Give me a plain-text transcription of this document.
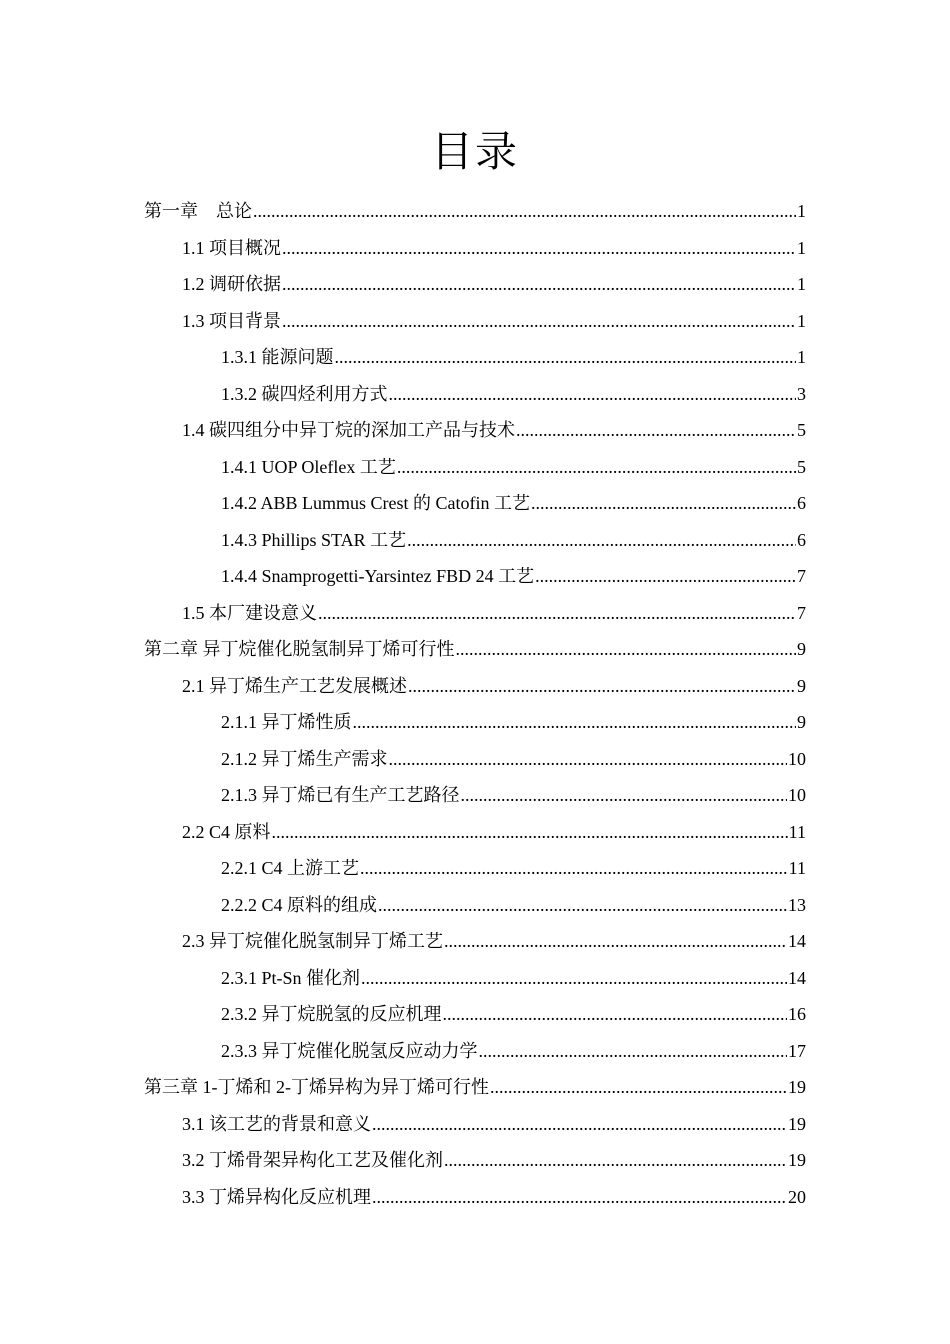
目录
第一章　总论 .....	1
1.1 项目概况 .....	1
1.2 调研依据 .....	1
1.3 项目背景 .....	1
1.3.1 能源问题 .....	1
1.3.2 碳四烃利用方式 .....	3
1.4 碳四组分中异丁烷的深加工产品与技术 .....	5
1.4.1 UOP Oleflex 工艺 .....	5
1.4.2 ABB Lummus Crest 的 Catofin 工艺 .....	6
1.4.3 Phillips STAR 工艺 .....	6
1.4.4 Snamprogetti-Yarsintez FBD 24 工艺 .....	7
1.5 本厂建设意义 .....	7
第二章 异丁烷催化脱氢制异丁烯可行性 .....	9
2.1 异丁烯生产工艺发展概述 .....	9
2.1.1 异丁烯性质 .....	9
2.1.2 异丁烯生产需求 .....	10
2.1.3 异丁烯已有生产工艺路径 .....	10
2.2 C4 原料 .....	11
2.2.1 C4 上游工艺 .....	11
2.2.2 C4 原料的组成 .....	13
2.3 异丁烷催化脱氢制异丁烯工艺 .....	14
2.3.1 Pt-Sn 催化剂 .....	14
2.3.2 异丁烷脱氢的反应机理 .....	16
2.3.3 异丁烷催化脱氢反应动力学 .....	17
第三章 1-丁烯和 2-丁烯异构为异丁烯可行性 .....	19
3.1 该工艺的背景和意义 .....	19
3.2 丁烯骨架异构化工艺及催化剂 .....	19
3.3 丁烯异构化反应机理 .....	20
